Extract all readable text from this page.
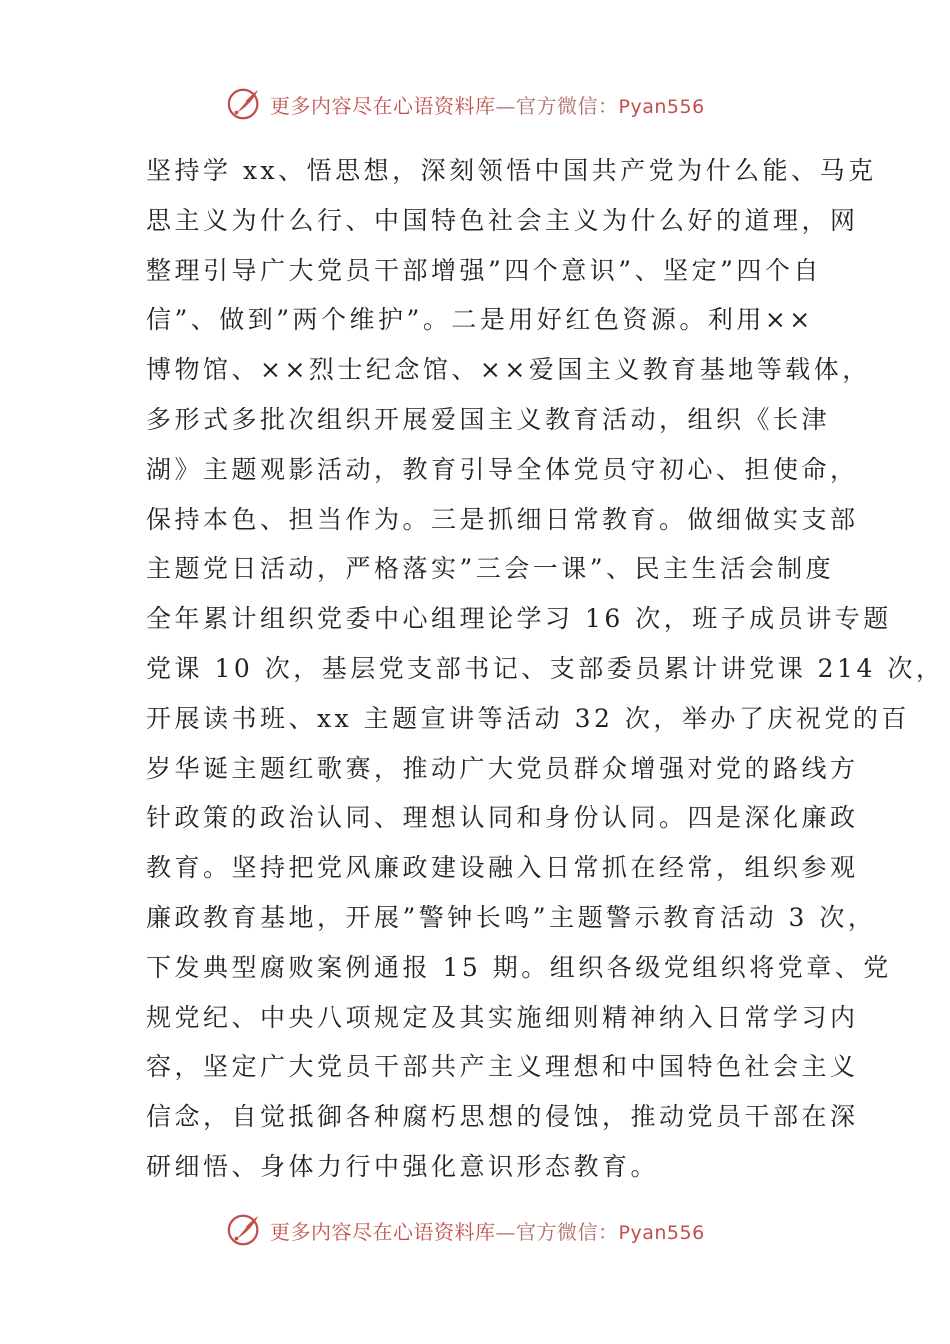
更多内容尽在心语资料库—官方微信：Pyan556
坚持学 xx、悟思想，深刻领悟中国共产党为什么能、马克
思主义为什么行、中国特色社会主义为什么好的道理，网
整理引导广大党员干部增强”四个意识”、坚定”四个自
信”、做到”两个维护”。二是用好红色资源。利用××
博物馆、××烈士纪念馆、××爱国主义教育基地等载体，
多形式多批次组织开展爱国主义教育活动，组织《长津
湖》主题观影活动，教育引导全体党员守初心、担使命，
保持本色、担当作为。三是抓细日常教育。做细做实支部
主题党日活动，严格落实”三会一课”、民主生活会制度
全年累计组织党委中心组理论学习 16 次，班子成员讲专题
党课 10 次，基层党支部书记、支部委员累计讲党课 214 次，
开展读书班、xx 主题宣讲等活动 32 次，举办了庆祝党的百
岁华诞主题红歌赛，推动广大党员群众增强对党的路线方
针政策的政治认同、理想认同和身份认同。四是深化廉政
教育。坚持把党风廉政建设融入日常抓在经常，组织参观
廉政教育基地，开展”警钟长鸣”主题警示教育活动 3 次，
下发典型腐败案例通报 15 期。组织各级党组织将党章、党
规党纪、中央八项规定及其实施细则精神纳入日常学习内
容，坚定广大党员干部共产主义理想和中国特色社会主义
信念，自觉抵御各种腐朽思想的侵蚀，推动党员干部在深
研细悟、身体力行中强化意识形态教育。
更多内容尽在心语资料库—官方微信：Pyan556
